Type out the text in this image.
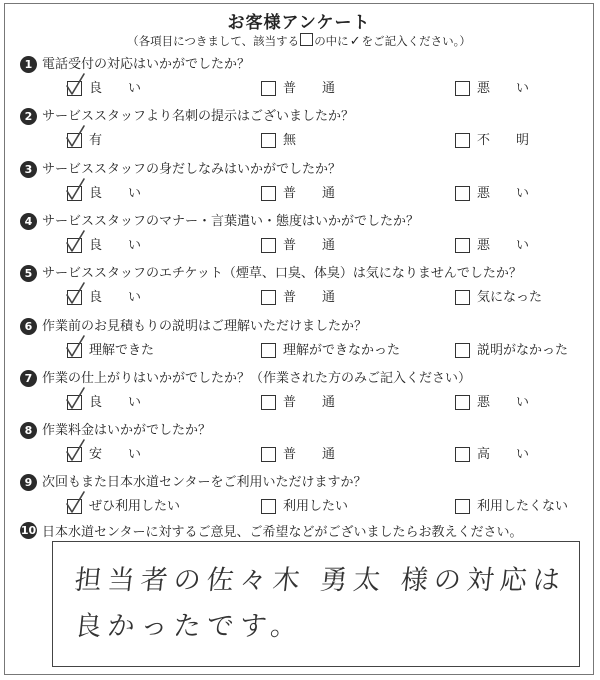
お客様アンケート
（各項目につきまして、該当する の中に✓をご記入ください。）
1 電話受付の対応はいかがでしたか？
良　　い	普　　通	悪　　い
2 サービススタッフより名刺の提示はございましたか？
有	無	不　　明
3 サービススタッフの身だしなみはいかがでしたか？
良　　い	普　　通	悪　　い
4 サービススタッフのマナー・言葉遣い・態度はいかがでしたか？
良　　い	普　　通	悪　　い
5 サービススタッフのエチケット（煙草、口臭、体臭）は気になりませんでしたか？
良　　い	普　　通	気になった
6 作業前のお見積もりの説明はご理解いただけましたか？
理解できた	理解ができなかった	説明がなかった
7 作業の仕上がりはいかがでしたか？（作業された方のみご記入ください）
良　　い	普　　通	悪　　い
8 作業料金はいかがでしたか？
安　　い	普　　通	高　　い
9 次回もまた日本水道センターをご利用いただけますか？
ぜひ利用したい	利用したい	利用したくない
10 日本水道センターに対するご意見、ご希望などがございましたらお教えください。
担当者の佐々木 勇太 様の対応は
良かったです。
